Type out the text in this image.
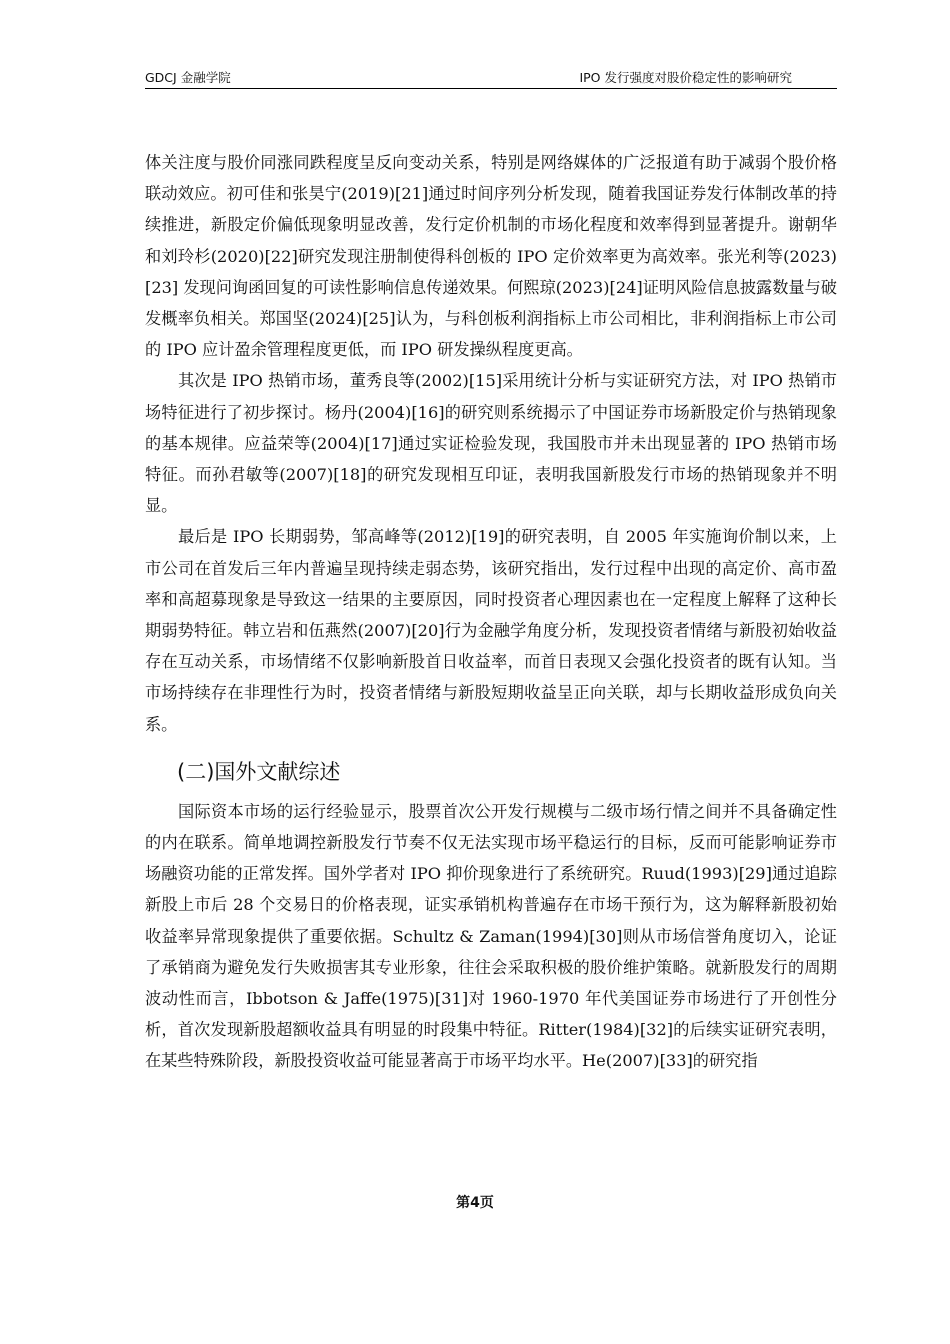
GDCJ 金融学院	IPO 发行强度对股价稳定性的影响研究

体关注度与股价同涨同跌程度呈反向变动关系，特别是网络媒体的广泛报道有助于减弱个股价格联动效应。初可佳和张昊宁(2019)[21]通过时间序列分析发现，随着我国证券发行体制改革的持续推进，新股定价偏低现象明显改善，发行定价机制的市场化程度和效率得到显著提升。谢朝华和刘玲杉(2020)[22]研究发现注册制使得科创板的 IPO 定价效率更为高效率。张光利等(2023)[23] 发现问询函回复的可读性影响信息传递效果。何熙琼(2023)[24]证明风险信息披露数量与破发概率负相关。郑国坚(2024)[25]认为，与科创板利润指标上市公司相比，非利润指标上市公司的 IPO 应计盈余管理程度更低，而 IPO 研发操纵程度更高。

其次是 IPO 热销市场，董秀良等(2002)[15]采用统计分析与实证研究方法，对 IPO 热销市场特征进行了初步探讨。杨丹(2004)[16]的研究则系统揭示了中国证券市场新股定价与热销现象的基本规律。应益荣等(2004)[17]通过实证检验发现，我国股市并未出现显著的 IPO 热销市场特征。而孙君敏等(2007)[18]的研究发现相互印证，表明我国新股发行市场的热销现象并不明显。

最后是 IPO 长期弱势，邹高峰等(2012)[19]的研究表明，自 2005 年实施询价制以来，上市公司在首发后三年内普遍呈现持续走弱态势，该研究指出，发行过程中出现的高定价、高市盈率和高超募现象是导致这一结果的主要原因，同时投资者心理因素也在一定程度上解释了这种长期弱势特征。韩立岩和伍燕然(2007)[20]行为金融学角度分析，发现投资者情绪与新股初始收益存在互动关系，市场情绪不仅影响新股首日收益率，而首日表现又会强化投资者的既有认知。当市场持续存在非理性行为时，投资者情绪与新股短期收益呈正向关联，却与长期收益形成负向关系。

(二)国外文献综述

国际资本市场的运行经验显示，股票首次公开发行规模与二级市场行情之间并不具备确定性的内在联系。简单地调控新股发行节奏不仅无法实现市场平稳运行的目标，反而可能影响证券市场融资功能的正常发挥。国外学者对 IPO 抑价现象进行了系统研究。Ruud(1993)[29]通过追踪新股上市后 28 个交易日的价格表现，证实承销机构普遍存在市场干预行为，这为解释新股初始收益率异常现象提供了重要依据。Schultz & Zaman(1994)[30]则从市场信誉角度切入，论证了承销商为避免发行失败损害其专业形象，往往会采取积极的股价维护策略。就新股发行的周期波动性而言，Ibbotson & Jaffe(1975)[31]对 1960-1970 年代美国证券市场进行了开创性分析，首次发现新股超额收益具有明显的时段集中特征。Ritter(1984)[32]的后续实证研究表明，在某些特殊阶段，新股投资收益可能显著高于市场平均水平。He(2007)[33]的研究指

第4页
